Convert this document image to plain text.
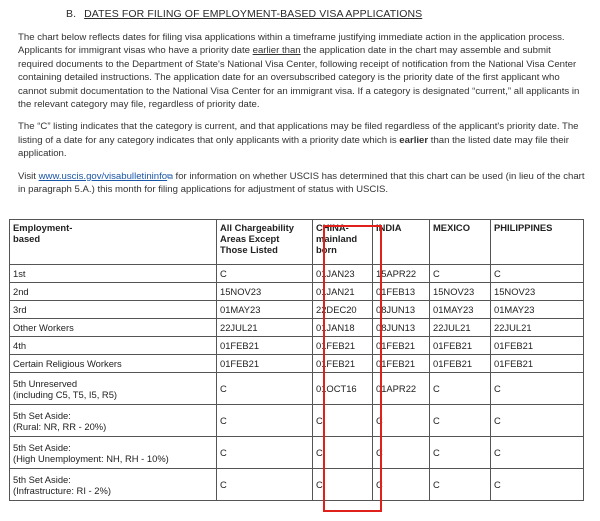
B. DATES FOR FILING OF EMPLOYMENT-BASED VISA APPLICATIONS

The chart below reflects dates for filing visa applications within a timeframe justifying immediate action in the application process. Applicants for immigrant visas who have a priority date earlier than the application date in the chart may assemble and submit required documents to the Department of State's National Visa Center, following receipt of notification from the National Visa Center containing detailed instructions. The application date for an oversubscribed category is the priority date of the first applicant who cannot submit documentation to the National Visa Center for an immigrant visa. If a category is designated “current,” all applicants in the relevant category may file, regardless of priority date.

The “C” listing indicates that the category is current, and that applications may be filed regardless of the applicant's priority date. The listing of a date for any category indicates that only applicants with a priority date which is earlier than the listed date may file their application.

Visit www.uscis.gov/visabulletininfo⧉ for information on whether USCIS has determined that this chart can be used (in lieu of the chart in paragraph 5.A.) this month for filing applications for adjustment of status with USCIS.

Employment-
based	All Chargeability
Areas Except
Those Listed	CHINA-
mainland
born	INDIA	MEXICO	PHILIPPINES
1st	C	01JAN23	15APR22	C	C
2nd	15NOV23	01JAN21	01FEB13	15NOV23	15NOV23
3rd	01MAY23	22DEC20	08JUN13	01MAY23	01MAY23
Other Workers	22JUL21	01JAN18	08JUN13	22JUL21	22JUL21
4th	01FEB21	01FEB21	01FEB21	01FEB21	01FEB21
Certain Religious Workers	01FEB21	01FEB21	01FEB21	01FEB21	01FEB21
5th Unreserved
(including C5, T5, I5, R5)	C	01OCT16	01APR22	C	C
5th Set Aside:
(Rural: NR, RR - 20%)	C	C	C	C	C
5th Set Aside:
(High Unemployment: NH, RH - 10%)	C	C	C	C	C
5th Set Aside:
(Infrastructure: RI - 2%)	C	C	C	C	C
